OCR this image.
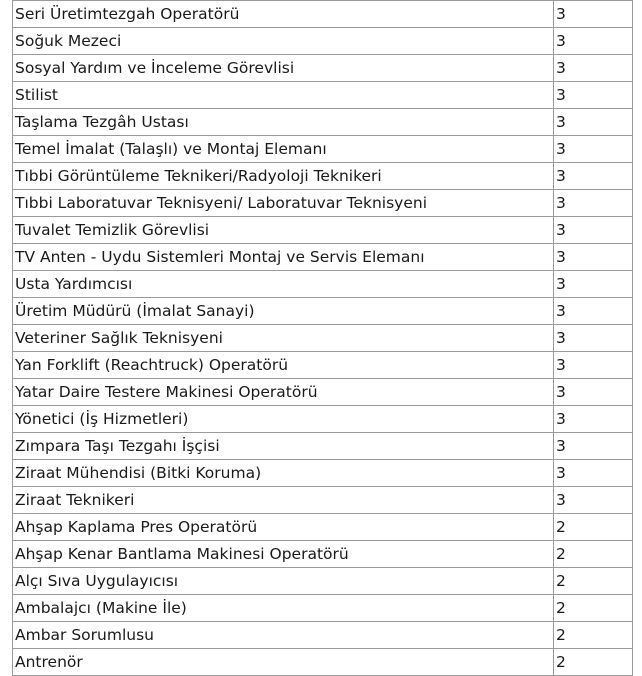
Seri Üretimtezgah Operatörü	3
Soğuk Mezeci	3
Sosyal Yardım ve İnceleme Görevlisi	3
Stilist	3
Taşlama Tezgâh Ustası	3
Temel İmalat (Talaşlı) ve Montaj Elemanı	3
Tıbbi Görüntüleme Teknikeri/Radyoloji Teknikeri	3
Tıbbi Laboratuvar Teknisyeni/ Laboratuvar Teknisyeni	3
Tuvalet Temizlik Görevlisi	3
TV Anten - Uydu Sistemleri Montaj ve Servis Elemanı	3
Usta Yardımcısı	3
Üretim Müdürü (İmalat Sanayi)	3
Veteriner Sağlık Teknisyeni	3
Yan Forklift (Reachtruck) Operatörü	3
Yatar Daire Testere Makinesi Operatörü	3
Yönetici (İş Hizmetleri)	3
Zımpara Taşı Tezgahı İşçisi	3
Ziraat Mühendisi (Bitki Koruma)	3
Ziraat Teknikeri	3
Ahşap Kaplama Pres Operatörü	2
Ahşap Kenar Bantlama Makinesi Operatörü	2
Alçı Sıva Uygulayıcısı	2
Ambalajcı (Makine İle)	2
Ambar Sorumlusu	2
Antrenör	2
